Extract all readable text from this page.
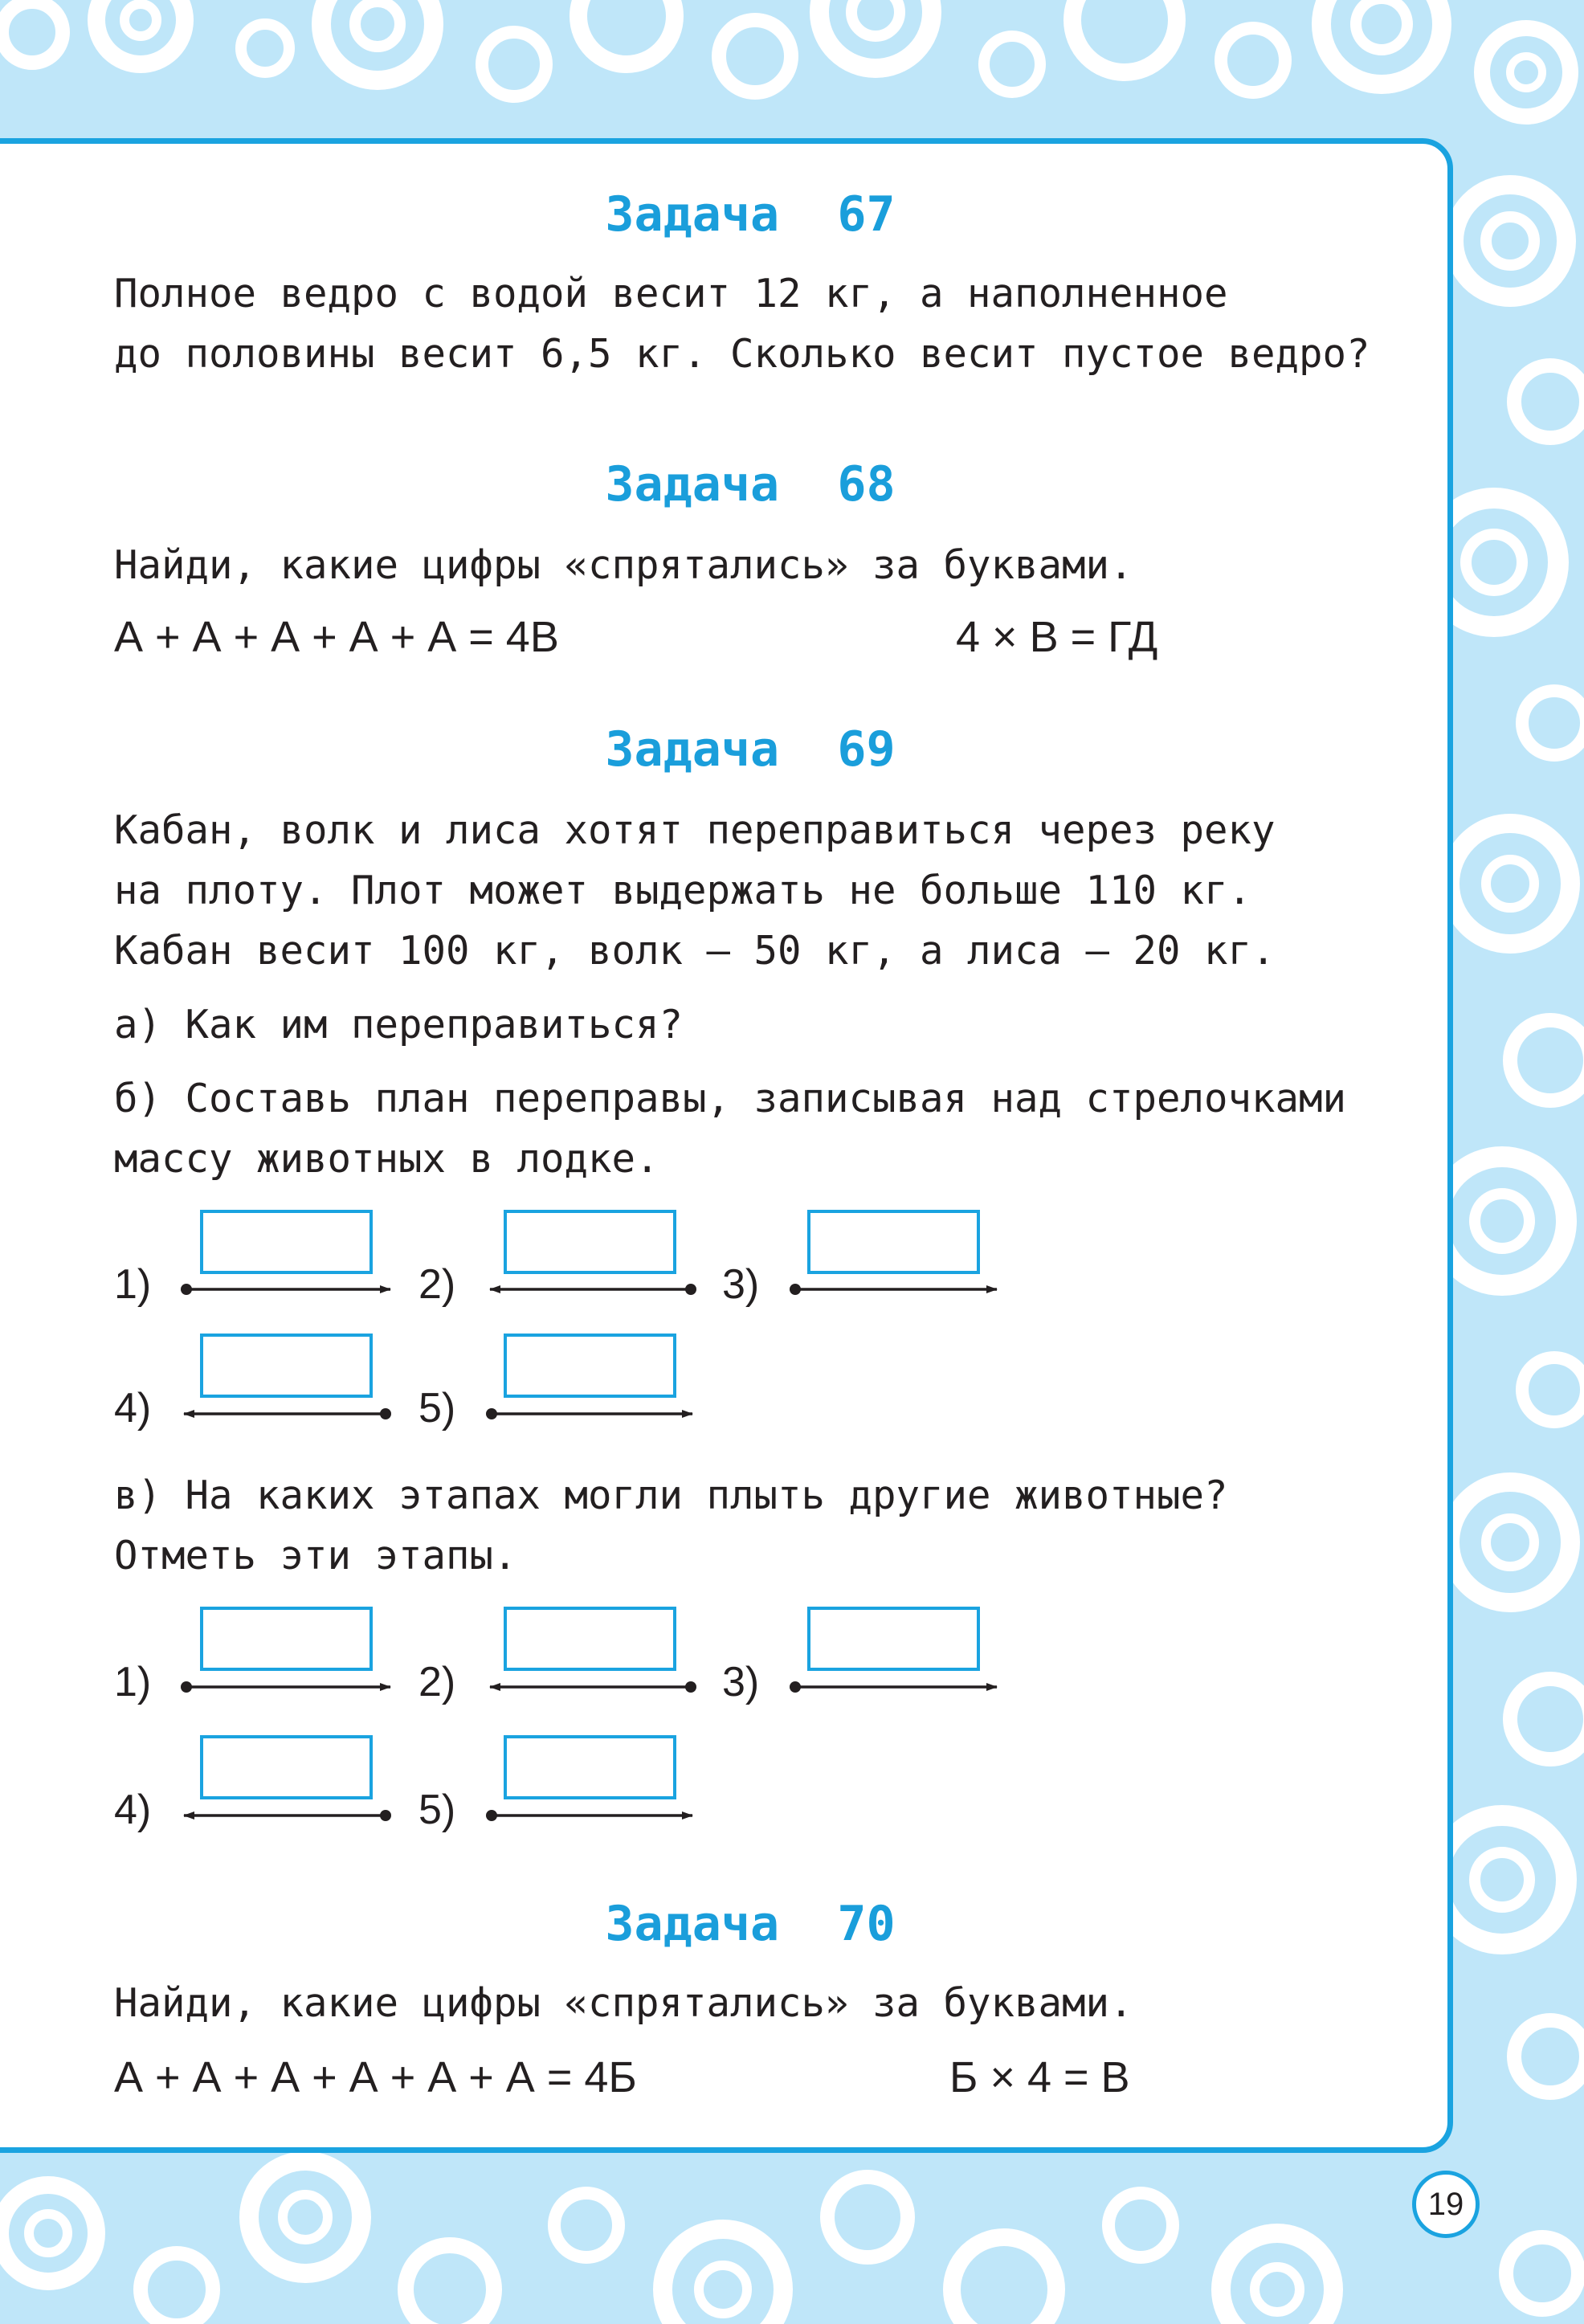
Задача  67
Полное ведро с водой весит 12 кг, а наполненное
до половины весит 6,5 кг. Сколько весит пустое ведро?
Задача  68
Найди, какие цифры «спрятались» за буквами.
А + А + А + А + А = 4В	4 × В = ГД
Задача  69
Кабан, волк и лиса хотят переправиться через реку
на плоту. Плот может выдержать не больше 110 кг.
Кабан весит 100 кг, волк — 50 кг, а лиса — 20 кг.
а) Как им переправиться?
б) Составь план переправы, записывая над стрелочками
массу животных в лодке.
в) На каких этапах могли плыть другие животные?
Отметь эти этапы.
Задача  70
Найди, какие цифры «спрятались» за буквами.
А + А + А + А + А + А = 4Б	Б × 4 = В
1)	2)	3)
4)	5)
1)	2)	3)
4)	5)
19
